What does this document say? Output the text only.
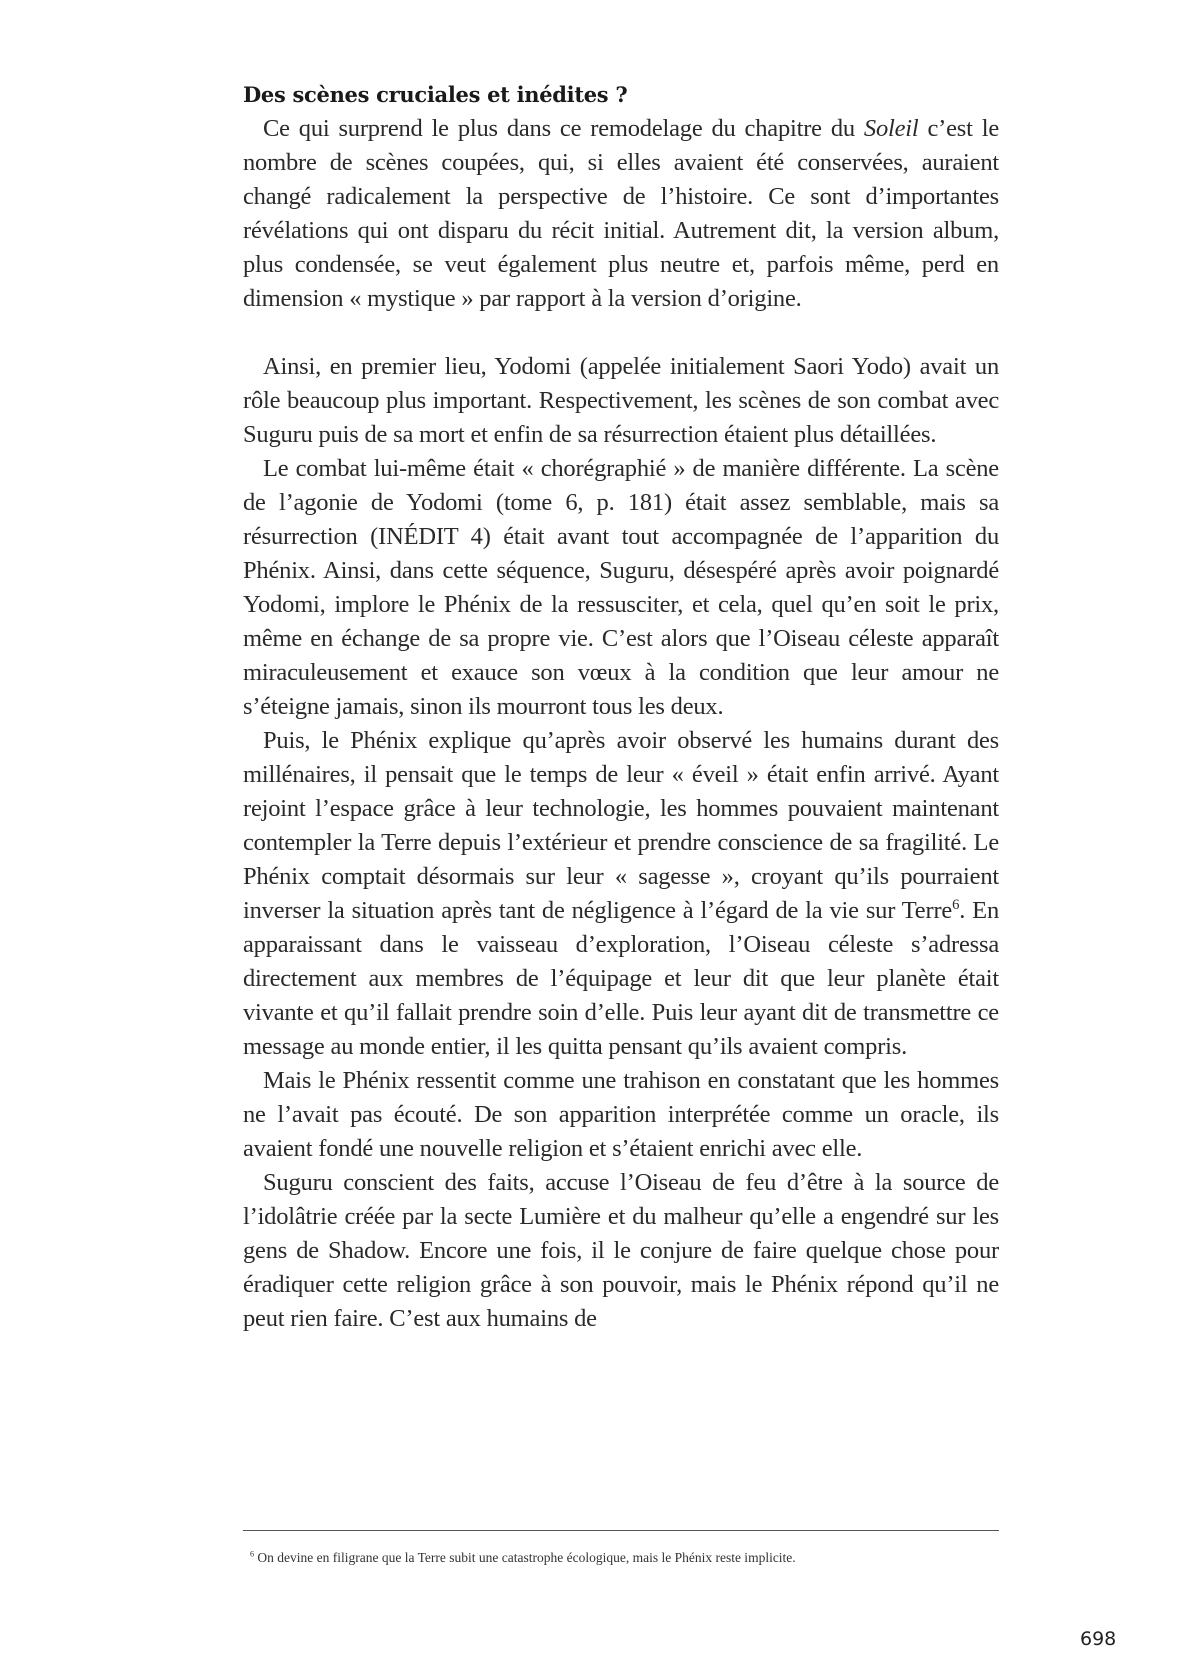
Des scènes cruciales et inédites ?

Ce qui surprend le plus dans ce remodelage du chapitre du Soleil c’est le nombre de scènes coupées, qui, si elles avaient été conservées, auraient changé radicalement la perspective de l’histoire. Ce sont d’importantes révélations qui ont disparu du récit initial. Autrement dit, la version album, plus condensée, se veut également plus neutre et, parfois même, perd en dimension « mystique » par rapport à la version d’origine.

Ainsi, en premier lieu, Yodomi (appelée initialement Saori Yodo) avait un rôle beaucoup plus important. Respectivement, les scènes de son combat avec Suguru puis de sa mort et enfin de sa résurrection étaient plus détaillées.

Le combat lui-même était « chorégraphié » de manière différente. La scène de l’agonie de Yodomi (tome 6, p. 181) était assez semblable, mais sa résurrection (INÉDIT 4) était avant tout accompagnée de l’apparition du Phénix. Ainsi, dans cette séquence, Suguru, désespéré après avoir poignardé Yodomi, implore le Phénix de la ressusciter, et cela, quel qu’en soit le prix, même en échange de sa propre vie. C’est alors que l’Oiseau céleste apparaît miraculeusement et exauce son vœux à la condition que leur amour ne s’éteigne jamais, sinon ils mourront tous les deux.

Puis, le Phénix explique qu’après avoir observé les humains durant des millénaires, il pensait que le temps de leur « éveil » était enfin arrivé. Ayant rejoint l’espace grâce à leur technologie, les hommes pouvaient maintenant contempler la Terre depuis l’extérieur et prendre conscience de sa fragilité. Le Phénix comptait désormais sur leur « sagesse », croyant qu’ils pourraient inverser la situation après tant de négligence à l’égard de la vie sur Terre$^6$. En apparaissant dans le vaisseau d’exploration, l’Oiseau céleste s’adressa directement aux membres de l’équipage et leur dit que leur planète était vivante et qu’il fallait prendre soin d’elle. Puis leur ayant dit de transmettre ce message au monde entier, il les quitta pensant qu’ils avaient compris.

Mais le Phénix ressentit comme une trahison en constatant que les hommes ne l’avait pas écouté. De son apparition interprétée comme un oracle, ils avaient fondé une nouvelle religion et s’étaient enrichi avec elle.

Suguru conscient des faits, accuse l’Oiseau de feu d’être à la source de l’idolâtrie créée par la secte Lumière et du malheur qu’elle a engendré sur les gens de Shadow. Encore une fois, il le conjure de faire quelque chose pour éradiquer cette religion grâce à son pouvoir, mais le Phénix répond qu’il ne peut rien faire. C’est aux humains de

$^6$ On devine en filigrane que la Terre subit une catastrophe écologique, mais le Phénix reste implicite.
698
